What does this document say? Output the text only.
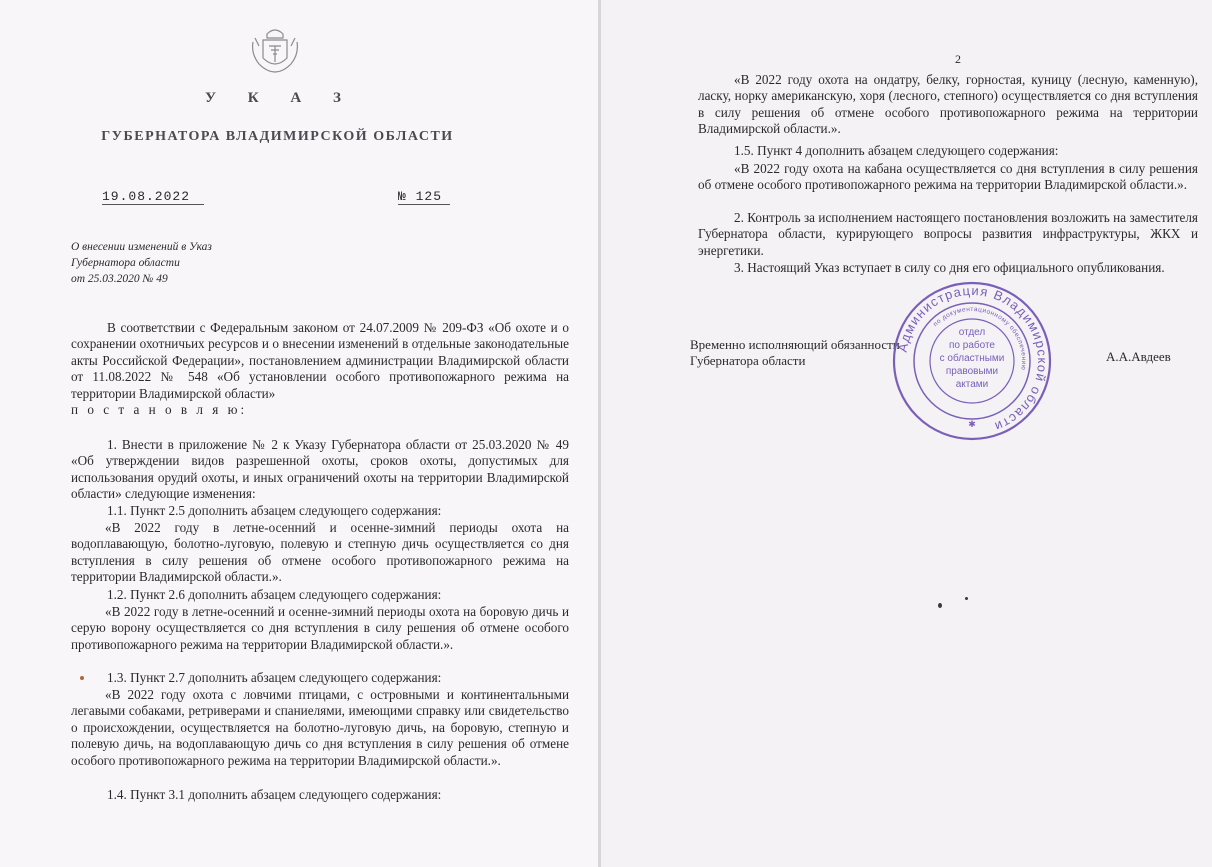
У К А З

ГУБЕРНАТОРА ВЛАДИМИРСКОЙ ОБЛАСТИ

19.08.2022	№ 125

О внесении изменений в Указ
Губернатора области
от 25.03.2020 № 49

В соответствии с Федеральным законом от 24.07.2009 № 209-ФЗ «Об охоте и о сохранении охотничьих ресурсов и о внесении изменений в отдельные законодательные акты Российской Федерации», постановлением администрации Владимирской области от 11.08.2022 № 548 «Об установлении особого противопожарного режима на территории Владимирской области»

п о с т а н о в л я ю:

1. Внести в приложение № 2 к Указу Губернатора области от 25.03.2020 № 49 «Об утверждении видов разрешенной охоты, сроков охоты, допустимых для использования орудий охоты, и иных ограничений охоты на территории Владимирской области» следующие изменения:

1.1. Пункт 2.5 дополнить абзацем следующего содержания:

«В 2022 году в летне-осенний и осенне-зимний периоды охота на водоплавающую, болотно-луговую, полевую и степную дичь осуществляется со дня вступления в силу решения об отмене особого противопожарного режима на территории Владимирской области.».

1.2. Пункт 2.6 дополнить абзацем следующего содержания:

«В 2022 году в летне-осенний и осенне-зимний периоды охота на боровую дичь и серую ворону осуществляется со дня вступления в силу решения об отмене особого противопожарного режима на территории Владимирской области.».

1.3. Пункт 2.7 дополнить абзацем следующего содержания:

«В 2022 году охота с ловчими птицами, с островными и континентальными легавыми собаками, ретриверами и спаниелями, имеющими справку или свидетельство о происхождении, осуществляется на болотно-луговую дичь, на боровую, степную и полевую дичь, на водоплавающую дичь со дня вступления в силу решения об отмене особого противопожарного режима на территории Владимирской области.».

1.4. Пункт 3.1 дополнить абзацем следующего содержания:

2

«В 2022 году охота на ондатру, белку, горностая, куницу (лесную, каменную), ласку, норку американскую, хоря (лесного, степного) осуществляется со дня вступления в силу решения об отмене особого противопожарного режима на территории Владимирской области.».

1.5. Пункт 4 дополнить абзацем следующего содержания:

«В 2022 году охота на кабана осуществляется со дня вступления в силу решения об отмене особого противопожарного режима на территории Владимирской области.».

2. Контроль за исполнением настоящего постановления возложить на заместителя Губернатора области, курирующего вопросы развития инфраструктуры, ЖКХ и энергетики.

3. Настоящий Указ вступает в силу со дня его официального опубликования.

Временно исполняющий обязанности
Губернатора области	А.А.Авдеев

Администрация Владимирской области
по документационному обеспечению
отдел
по работе
с областными
правовыми
актами
✱
